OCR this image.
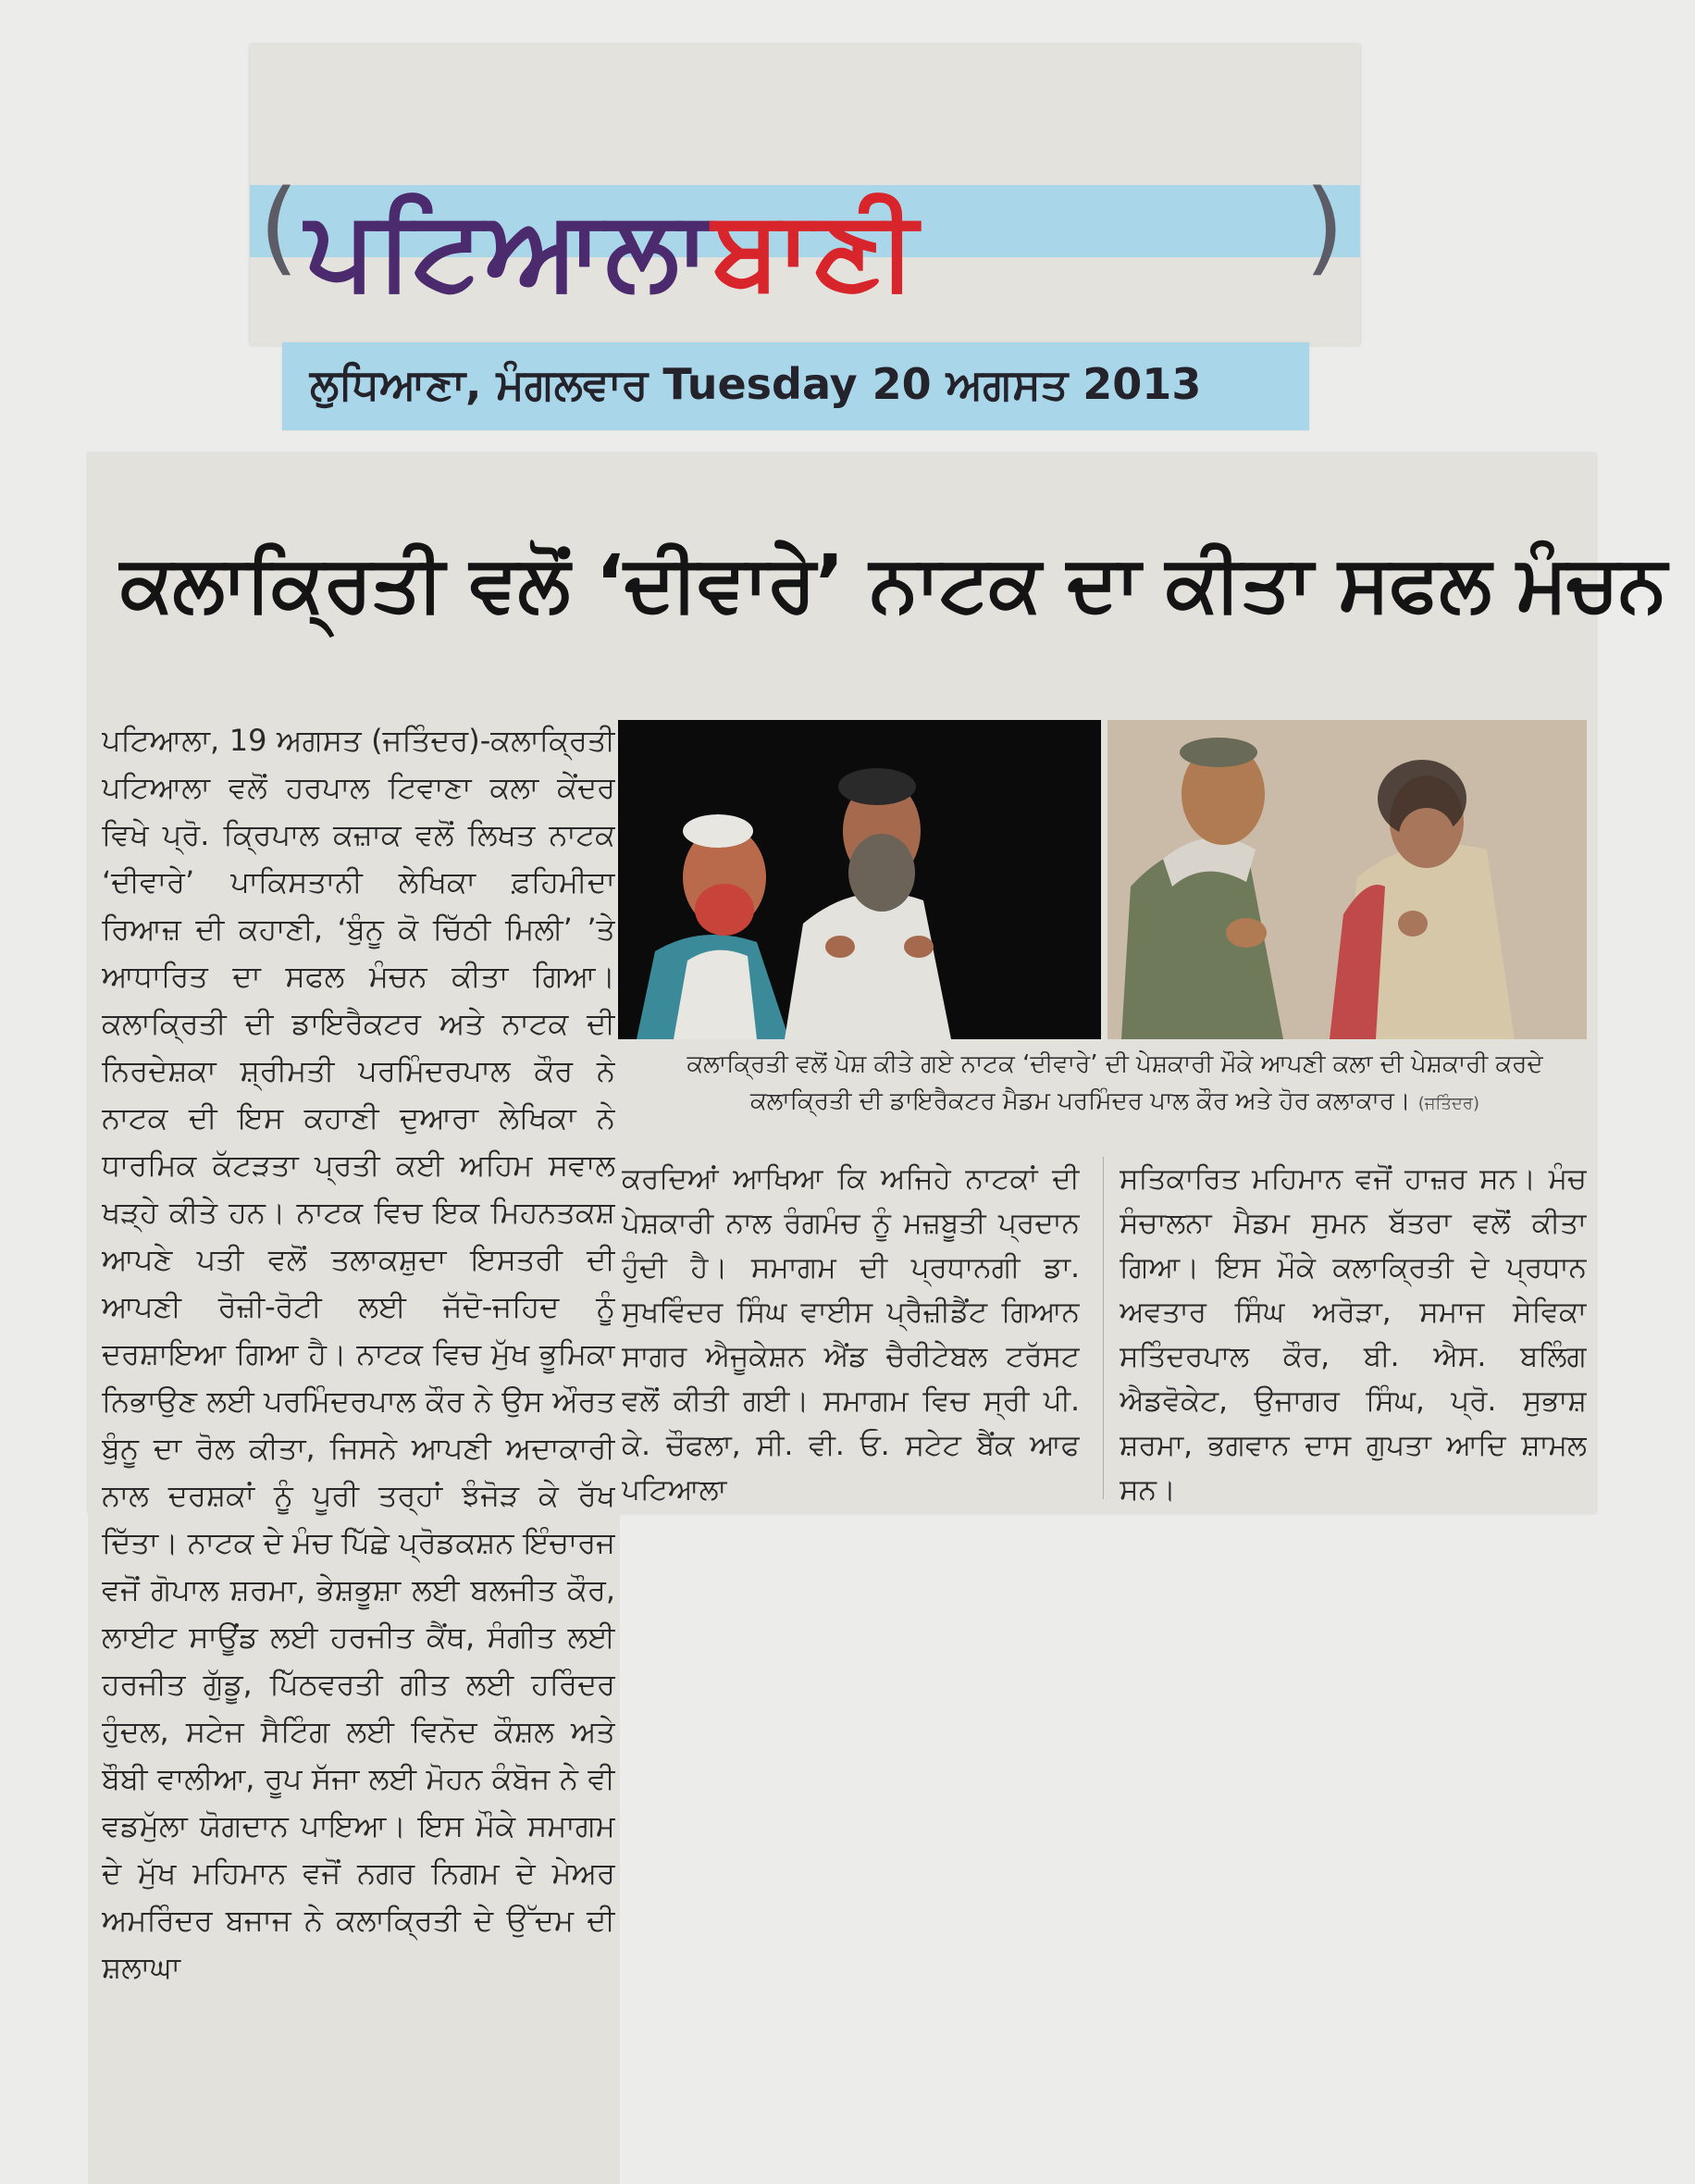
( ਪਟਿਆਲਾਬਾਣੀ	)
ਲੁਧਿਆਣਾ, ਮੰਗਲਵਾਰ Tuesday 20 ਅਗਸਤ 2013
ਕਲਾਕ੍ਰਿਤੀ ਵਲੋਂ ‘ਦੀਵਾਰੇ’ ਨਾਟਕ ਦਾ ਕੀਤਾ ਸਫਲ ਮੰਚਨ
ਪਟਿਆਲਾ, 19 ਅਗਸਤ (ਜਤਿੰਦਰ)-ਕਲਾਕ੍ਰਿਤੀ ਪਟਿਆਲਾ ਵਲੋਂ ਹਰਪਾਲ ਟਿਵਾਣਾ ਕਲਾ ਕੇਂਦਰ ਵਿਖੇ ਪ੍ਰੋ. ਕ੍ਰਿਪਾਲ ਕਜ਼ਾਕ ਵਲੋਂ ਲਿਖਤ ਨਾਟਕ ‘ਦੀਵਾਰੇ’ ਪਾਕਿਸਤਾਨੀ ਲੇਖਿਕਾ ਫ਼ਹਿਮੀਦਾ ਰਿਆਜ਼ ਦੀ ਕਹਾਣੀ, ‘ਬੁੰਨੂ ਕੋ ਚਿੱਠੀ ਮਿਲੀ’ ’ਤੇ ਆਧਾਰਿਤ ਦਾ ਸਫਲ ਮੰਚਨ ਕੀਤਾ ਗਿਆ। ਕਲਾਕ੍ਰਿਤੀ ਦੀ ਡਾਇਰੈਕਟਰ ਅਤੇ ਨਾਟਕ ਦੀ ਨਿਰਦੇਸ਼ਕਾ ਸ਼੍ਰੀਮਤੀ ਪਰਮਿੰਦਰਪਾਲ ਕੌਰ ਨੇ ਨਾਟਕ ਦੀ ਇਸ ਕਹਾਣੀ ਦੁਆਰਾ ਲੇਖਿਕਾ ਨੇ ਧਾਰਮਿਕ ਕੱਟੜਤਾ ਪ੍ਰਤੀ ਕਈ ਅਹਿਮ ਸਵਾਲ ਖੜ੍ਹੇ ਕੀਤੇ ਹਨ। ਨਾਟਕ ਵਿਚ ਇਕ ਮਿਹਨਤਕਸ਼ ਆਪਣੇ ਪਤੀ ਵਲੋਂ ਤਲਾਕਸ਼ੁਦਾ ਇਸਤਰੀ ਦੀ ਆਪਣੀ ਰੋਜ਼ੀ-ਰੋਟੀ ਲਈ ਜੱਦੋ-ਜਹਿਦ ਨੂੰ ਦਰਸ਼ਾਇਆ ਗਿਆ ਹੈ। ਨਾਟਕ ਵਿਚ ਮੁੱਖ ਭੂਮਿਕਾ ਨਿਭਾਉਣ ਲਈ ਪਰਮਿੰਦਰਪਾਲ ਕੌਰ ਨੇ ਉਸ ਔਰਤ ਬੁੰਨੂ ਦਾ ਰੋਲ ਕੀਤਾ, ਜਿਸਨੇ ਆਪਣੀ ਅਦਾਕਾਰੀ ਨਾਲ ਦਰਸ਼ਕਾਂ ਨੂੰ ਪੂਰੀ ਤਰ੍ਹਾਂ ਝੰਜੋੜ ਕੇ ਰੱਖ ਦਿੱਤਾ। ਨਾਟਕ ਦੇ ਮੰਚ ਪਿੱਛੇ ਪ੍ਰੋਡਕਸ਼ਨ ਇੰਚਾਰਜ ਵਜੋਂ ਗੋਪਾਲ ਸ਼ਰਮਾ, ਭੇਸ਼ਭੂਸ਼ਾ ਲਈ ਬਲਜੀਤ ਕੌਰ, ਲਾਈਟ ਸਾਊਂਡ ਲਈ ਹਰਜੀਤ ਕੈਂਥ, ਸੰਗੀਤ ਲਈ ਹਰਜੀਤ ਗੁੱਡੂ, ਪਿੱਠਵਰਤੀ ਗੀਤ ਲਈ ਹਰਿੰਦਰ ਹੁੰਦਲ, ਸਟੇਜ ਸੈਟਿੰਗ ਲਈ ਵਿਨੋਦ ਕੌਸ਼ਲ ਅਤੇ ਬੌਬੀ ਵਾਲੀਆ, ਰੂਪ ਸੱਜਾ ਲਈ ਮੋਹਨ ਕੰਬੋਜ ਨੇ ਵੀ ਵਡਮੁੱਲਾ ਯੋਗਦਾਨ ਪਾਇਆ। ਇਸ ਮੌਕੇ ਸਮਾਗਮ ਦੇ ਮੁੱਖ ਮਹਿਮਾਨ ਵਜੋਂ ਨਗਰ ਨਿਗਮ ਦੇ ਮੇਅਰ ਅਮਰਿੰਦਰ ਬਜਾਜ ਨੇ ਕਲਾਕ੍ਰਿਤੀ ਦੇ ਉੱਦਮ ਦੀ ਸ਼ਲਾਘਾ
ਕਲਾਕ੍ਰਿਤੀ ਵਲੋਂ ਪੇਸ਼ ਕੀਤੇ ਗਏ ਨਾਟਕ ‘ਦੀਵਾਰੇ’ ਦੀ ਪੇਸ਼ਕਾਰੀ ਮੌਕੇ ਆਪਣੀ ਕਲਾ ਦੀ ਪੇਸ਼ਕਾਰੀ ਕਰਦੇ ਕਲਾਕ੍ਰਿਤੀ ਦੀ ਡਾਇਰੈਕਟਰ ਮੈਡਮ ਪਰਮਿੰਦਰ ਪਾਲ ਕੌਰ ਅਤੇ ਹੋਰ ਕਲਾਕਾਰ। (ਜਤਿੰਦਰ)
ਕਰਦਿਆਂ ਆਖਿਆ ਕਿ ਅਜਿਹੇ ਨਾਟਕਾਂ ਦੀ ਪੇਸ਼ਕਾਰੀ ਨਾਲ ਰੰਗਮੰਚ ਨੂੰ ਮਜ਼ਬੂਤੀ ਪ੍ਰਦਾਨ ਹੁੰਦੀ ਹੈ। ਸਮਾਗਮ ਦੀ ਪ੍ਰਧਾਨਗੀ ਡਾ. ਸੁਖਵਿੰਦਰ ਸਿੰਘ ਵਾਈਸ ਪ੍ਰੈਜ਼ੀਡੈਂਟ ਗਿਆਨ ਸਾਗਰ ਐਜੂਕੇਸ਼ਨ ਐਂਡ ਚੈਰੀਟੇਬਲ ਟਰੱਸਟ ਵਲੋਂ ਕੀਤੀ ਗਈ। ਸਮਾਗਮ ਵਿਚ ਸ੍ਰੀ ਪੀ. ਕੇ. ਚੌਫਲਾ, ਸੀ. ਵੀ. ਓ. ਸਟੇਟ ਬੈਂਕ ਆਫ ਪਟਿਆਲਾ
ਸਤਿਕਾਰਿਤ ਮਹਿਮਾਨ ਵਜੋਂ ਹਾਜ਼ਰ ਸਨ। ਮੰਚ ਸੰਚਾਲਨਾ ਮੈਡਮ ਸੁਮਨ ਬੱਤਰਾ ਵਲੋਂ ਕੀਤਾ ਗਿਆ। ਇਸ ਮੌਕੇ ਕਲਾਕ੍ਰਿਤੀ ਦੇ ਪ੍ਰਧਾਨ ਅਵਤਾਰ ਸਿੰਘ ਅਰੋੜਾ, ਸਮਾਜ ਸੇਵਿਕਾ ਸਤਿੰਦਰਪਾਲ ਕੌਰ, ਬੀ. ਐਸ. ਬਲਿੰਗ ਐਡਵੋਕੇਟ, ਉਜਾਗਰ ਸਿੰਘ, ਪ੍ਰੋ. ਸੁਭਾਸ਼ ਸ਼ਰਮਾ, ਭਗਵਾਨ ਦਾਸ ਗੁਪਤਾ ਆਦਿ ਸ਼ਾਮਲ ਸਨ।
